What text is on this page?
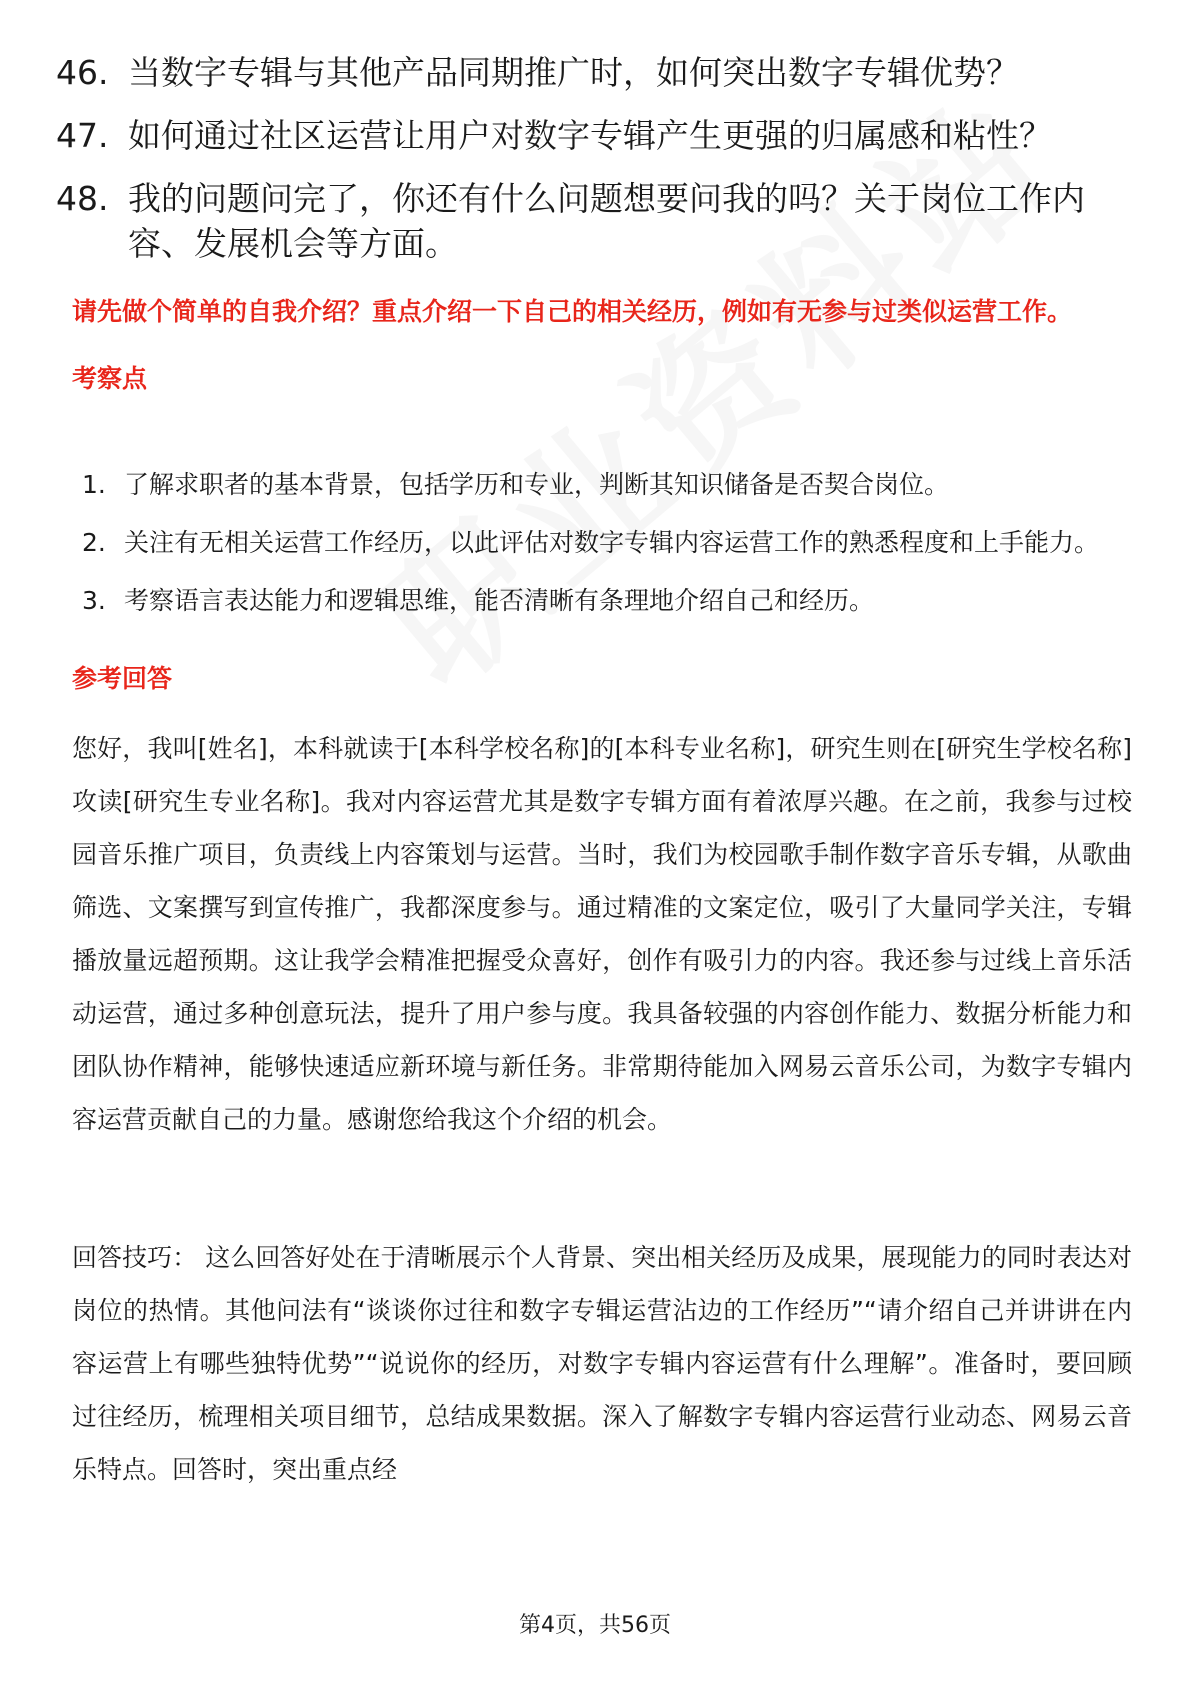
46. 当数字专辑与其他产品同期推广时，如何突出数字专辑优势？
47. 如何通过社区运营让用户对数字专辑产生更强的归属感和粘性？
48. 我的问题问完了，你还有什么问题想要问我的吗？关于岗位工作内容、发展机会等方面。

请先做个简单的自我介绍？重点介绍一下自己的相关经历，例如有无参与过类似运营工作。

考察点
1. 了解求职者的基本背景，包括学历和专业，判断其知识储备是否契合岗位。
2. 关注有无相关运营工作经历，以此评估对数字专辑内容运营工作的熟悉程度和上手能力。
3. 考察语言表达能力和逻辑思维，能否清晰有条理地介绍自己和经历。
参考回答

您好，我叫[姓名]，本科就读于[本科学校名称]的[本科专业名称]，研究生则在[研究生学校名称]攻读[研究生专业名称]。我对内容运营尤其是数字专辑方面有着浓厚兴趣。在之前，我参与过校园音乐推广项目，负责线上内容策划与运营。当时，我们为校园歌手制作数字音乐专辑，从歌曲筛选、文案撰写到宣传推广，我都深度参与。通过精准的文案定位，吸引了大量同学关注，专辑播放量远超预期。这让我学会精准把握受众喜好，创作有吸引力的内容。我还参与过线上音乐活动运营，通过多种创意玩法，提升了用户参与度。我具备较强的内容创作能力、数据分析能力和团队协作精神，能够快速适应新环境与新任务。非常期待能加入网易云音乐公司，为数字专辑内容运营贡献自己的力量。感谢您给我这个介绍的机会。

回答技巧： 这么回答好处在于清晰展示个人背景、突出相关经历及成果，展现能力的同时表达对岗位的热情。其他问法有“谈谈你过往和数字专辑运营沾边的工作经历”“请介绍自己并讲讲在内容运营上有哪些独特优势”“说说你的经历，对数字专辑内容运营有什么理解”。准备时，要回顾过往经历，梳理相关项目细节，总结成果数据。深入了解数字专辑内容运营行业动态、网易云音乐特点。回答时，突出重点经

第4页，共56页
